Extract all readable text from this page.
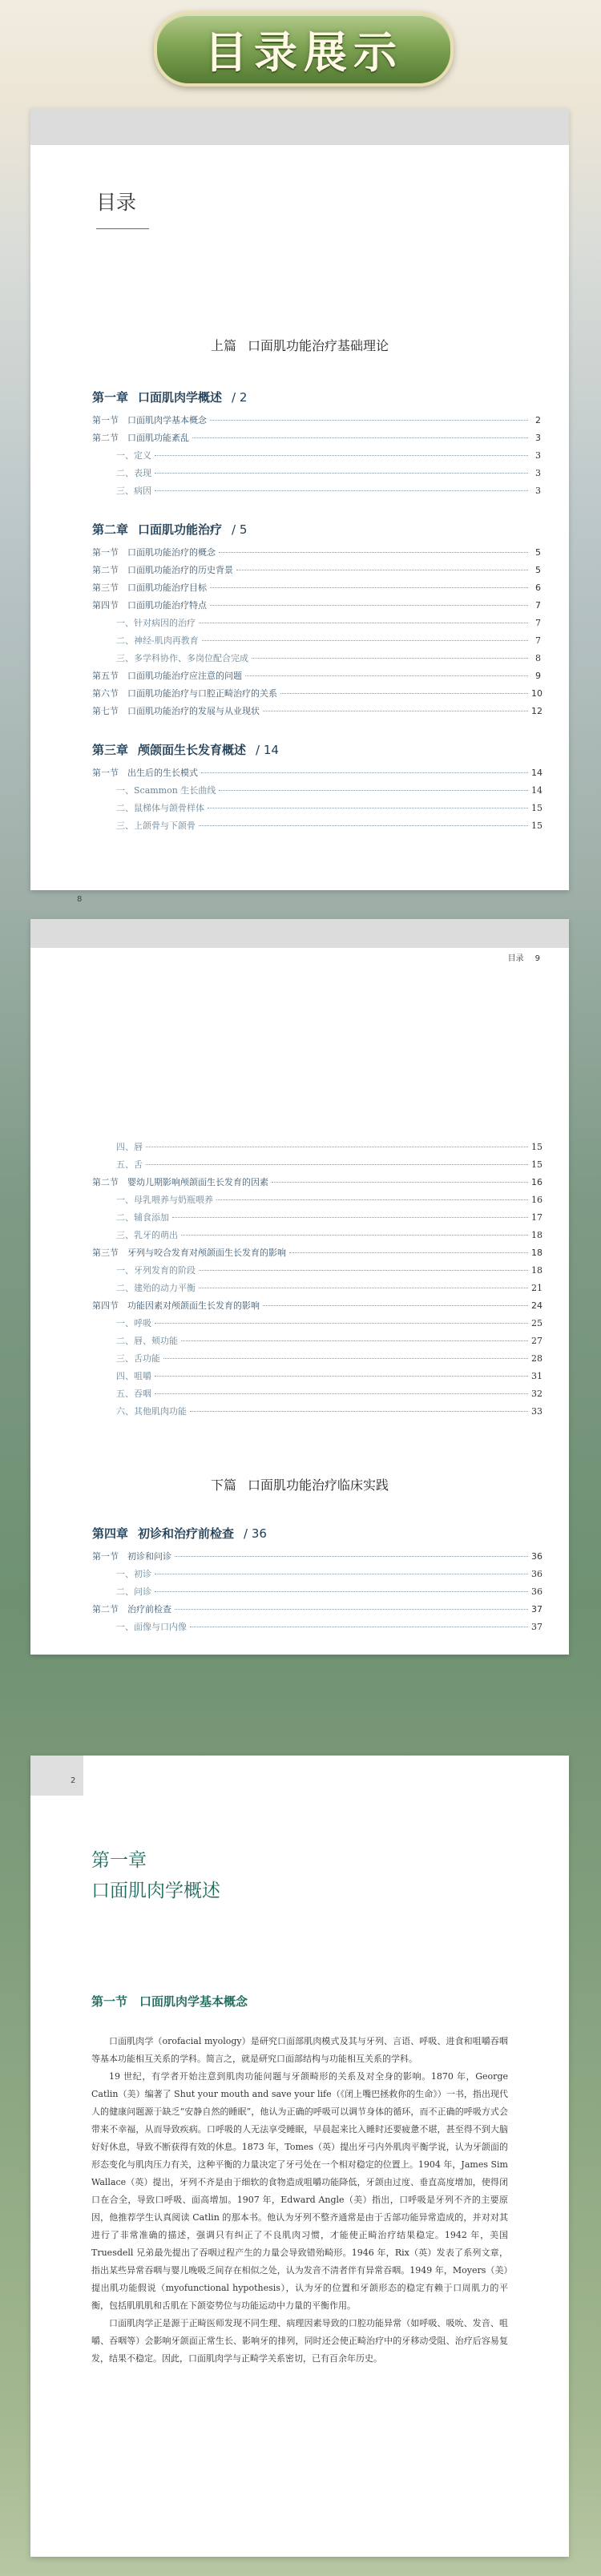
目录展示
目录
上篇 口面肌功能治疗基础理论
第一章 口面肌肉学概述 / 2
第一节	口面肌肉学基本概念	2
第二节	口面肌功能紊乱	3
一、定义	3
二、表现	3
三、病因	3
第二章 口面肌功能治疗 / 5
第一节	口面肌功能治疗的概念	5
第二节	口面肌功能治疗的历史背景	5
第三节	口面肌功能治疗目标	6
第四节	口面肌功能治疗特点	7
一、针对病因的治疗	7
二、神经-肌肉再教育	7
三、多学科协作、多岗位配合完成	8
第五节	口面肌功能治疗应注意的问题	9
第六节	口面肌功能治疗与口腔正畸治疗的关系	10
第七节	口面肌功能治疗的发展与从业现状	12
第三章 颅颌面生长发育概述 / 14
第一节	出生后的生长模式	14
一、Scammon 生长曲线	14
二、鼠梯体与颌骨样体	15
三、上颌骨与下颌骨	15
8
目录 9
四、唇	15
五、舌	15
第二节	婴幼儿期影响颅颌面生长发育的因素	16
一、母乳喂养与奶瓶喂养	16
二、辅食添加	17
三、乳牙的萌出	18
第三节	牙列与咬合发育对颅颌面生长发育的影响	18
一、牙列发育的阶段	18
二、建殆的动力平衡	21
第四节	功能因素对颅颌面生长发育的影响	24
一、呼吸	25
二、唇、颊功能	27
三、舌功能	28
四、咀嚼	31
五、吞咽	32
六、其他肌肉功能	33
下篇 口面肌功能治疗临床实践
第四章 初诊和治疗前检查 / 36
第一节	初诊和问诊	36
一、初诊	36
二、问诊	36
第二节	治疗前检查	37
一、面像与口内像	37
2
第一章
口面肌肉学概述
第一节　口面肌肉学基本概念

口面肌肉学（orofacial myology）是研究口面部肌肉模式及其与牙列、言语、呼吸、进食和咀嚼吞咽等基本功能相互关系的学科。简言之，就是研究口面部结构与功能相互关系的学科。

19 世纪，有学者开始注意到肌肉功能问题与牙颌畸形的关系及对全身的影响。1870 年，George Catlin（美）编著了 Shut your mouth and save your life（《闭上嘴巴拯救你的生命》）一书，指出现代人的健康问题源于缺乏“安静自然的睡眠”，他认为正确的呼吸可以调节身体的循环，而不正确的呼吸方式会带来不幸福，从而导致疾病。口呼吸的人无法享受睡眠，早晨起来比入睡时还要疲惫不堪，甚至得不到大脑好好休息，导致不断获得有效的休息。1873 年，Tomes（英）提出牙弓内外肌肉平衡学说，认为牙颌面的形态变化与肌肉压力有关，这种平衡的力量决定了牙弓处在一个相对稳定的位置上。1904 年，James Sim Wallace（英）提出，牙列不齐是由于细软的食物造成咀嚼功能降低，牙颌由过度、垂直高度增加，使得闭口在合全，导致口呼吸、面高增加。1907 年，Edward Angle（美）指出，口呼吸是牙列不齐的主要原因，他推荐学生认真阅读 Catlin 的那本书。他认为牙列不整齐通常是由于舌部功能异常造成的，并对对其进行了非常准确的描述，强调只有纠正了不良肌肉习惯，才能使正畸治疗结果稳定。1942 年，美国 Truesdell 兄弟最先提出了吞咽过程产生的力量会导致错殆畸形。1946 年，Rix（英）发表了系列文章，指出某些异常吞咽与婴儿晚吸乏间存在相似之处，认为发音不清者伴有异常吞咽。1949 年，Moyers（美）提出肌功能假说（myofunctional hypothesis），认为牙的位置和牙颌形态的稳定有赖于口周肌力的平衡，包括肌肌肌和舌肌在下颌姿势位与功能运动中力量的平衡作用。

口面肌肉学正是源于正畸医师发现不同生理、病理因素导致的口腔功能异常（如呼吸、吸吮、发音、咀嚼、吞咽等）会影响牙颌面正常生长、影响牙的排列，同时还会使正畸治疗中的牙移动受阻、治疗后容易复发，结果不稳定。因此，口面肌肉学与正畸学关系密切，已有百余年历史。
